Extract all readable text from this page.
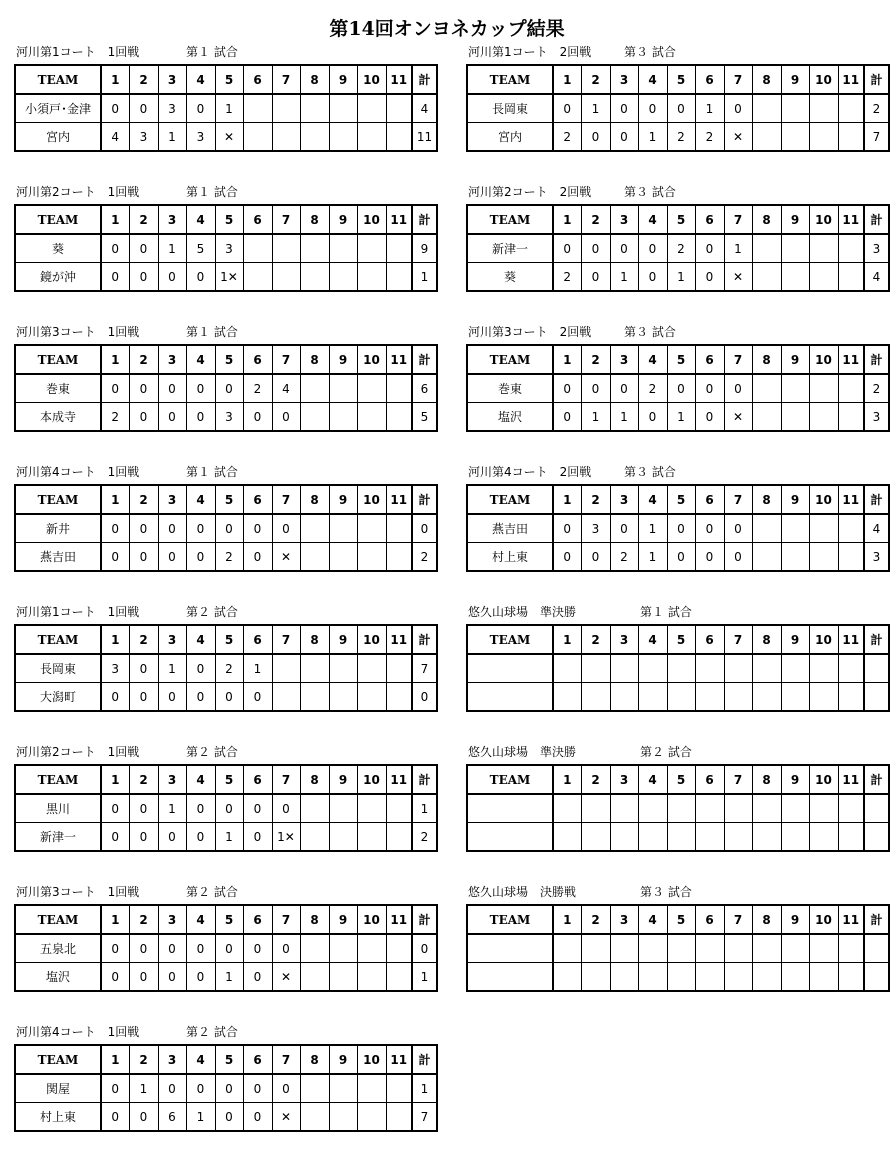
第14回オンヨネカップ結果
河川第1コート　1回戦	第１ 試合
TEAM	1	2	3	4	5	6	7	8	9	10	11	計
小須戸･金津	0	0	3	0	1							4
宮内	4	3	1	3	✕							11
河川第1コート　2回戦	第３ 試合
TEAM	1	2	3	4	5	6	7	8	9	10	11	計
長岡東	0	1	0	0	0	1	0					2
宮内	2	0	0	1	2	2	✕					7
河川第2コート　1回戦	第１ 試合
TEAM	1	2	3	4	5	6	7	8	9	10	11	計
葵	0	0	1	5	3							9
鏡が沖	0	0	0	0	1✕							1
河川第2コート　2回戦	第３ 試合
TEAM	1	2	3	4	5	6	7	8	9	10	11	計
新津一	0	0	0	0	2	0	1					3
葵	2	0	1	0	1	0	✕					4
河川第3コート　1回戦	第１ 試合
TEAM	1	2	3	4	5	6	7	8	9	10	11	計
巻東	0	0	0	0	0	2	4					6
本成寺	2	0	0	0	3	0	0					5
河川第3コート　2回戦	第３ 試合
TEAM	1	2	3	4	5	6	7	8	9	10	11	計
巻東	0	0	0	2	0	0	0					2
塩沢	0	1	1	0	1	0	✕					3
河川第4コート　1回戦	第１ 試合
TEAM	1	2	3	4	5	6	7	8	9	10	11	計
新井	0	0	0	0	0	0	0					0
燕吉田	0	0	0	0	2	0	✕					2
河川第4コート　2回戦	第３ 試合
TEAM	1	2	3	4	5	6	7	8	9	10	11	計
燕吉田	0	3	0	1	0	0	0					4
村上東	0	0	2	1	0	0	0					3
河川第1コート　1回戦	第２ 試合
TEAM	1	2	3	4	5	6	7	8	9	10	11	計
長岡東	3	0	1	0	2	1						7
大潟町	0	0	0	0	0	0						0
悠久山球場　準決勝	第１ 試合
TEAM	1	2	3	4	5	6	7	8	9	10	11	計

河川第2コート　1回戦	第２ 試合
TEAM	1	2	3	4	5	6	7	8	9	10	11	計
黒川	0	0	1	0	0	0	0					1
新津一	0	0	0	0	1	0	1✕					2
悠久山球場　準決勝	第２ 試合
TEAM	1	2	3	4	5	6	7	8	9	10	11	計

河川第3コート　1回戦	第２ 試合
TEAM	1	2	3	4	5	6	7	8	9	10	11	計
五泉北	0	0	0	0	0	0	0					0
塩沢	0	0	0	0	1	0	✕					1
悠久山球場　決勝戦	第３ 試合
TEAM	1	2	3	4	5	6	7	8	9	10	11	計

河川第4コート　1回戦	第２ 試合
TEAM	1	2	3	4	5	6	7	8	9	10	11	計
関屋	0	1	0	0	0	0	0					1
村上東	0	0	6	1	0	0	✕					7
